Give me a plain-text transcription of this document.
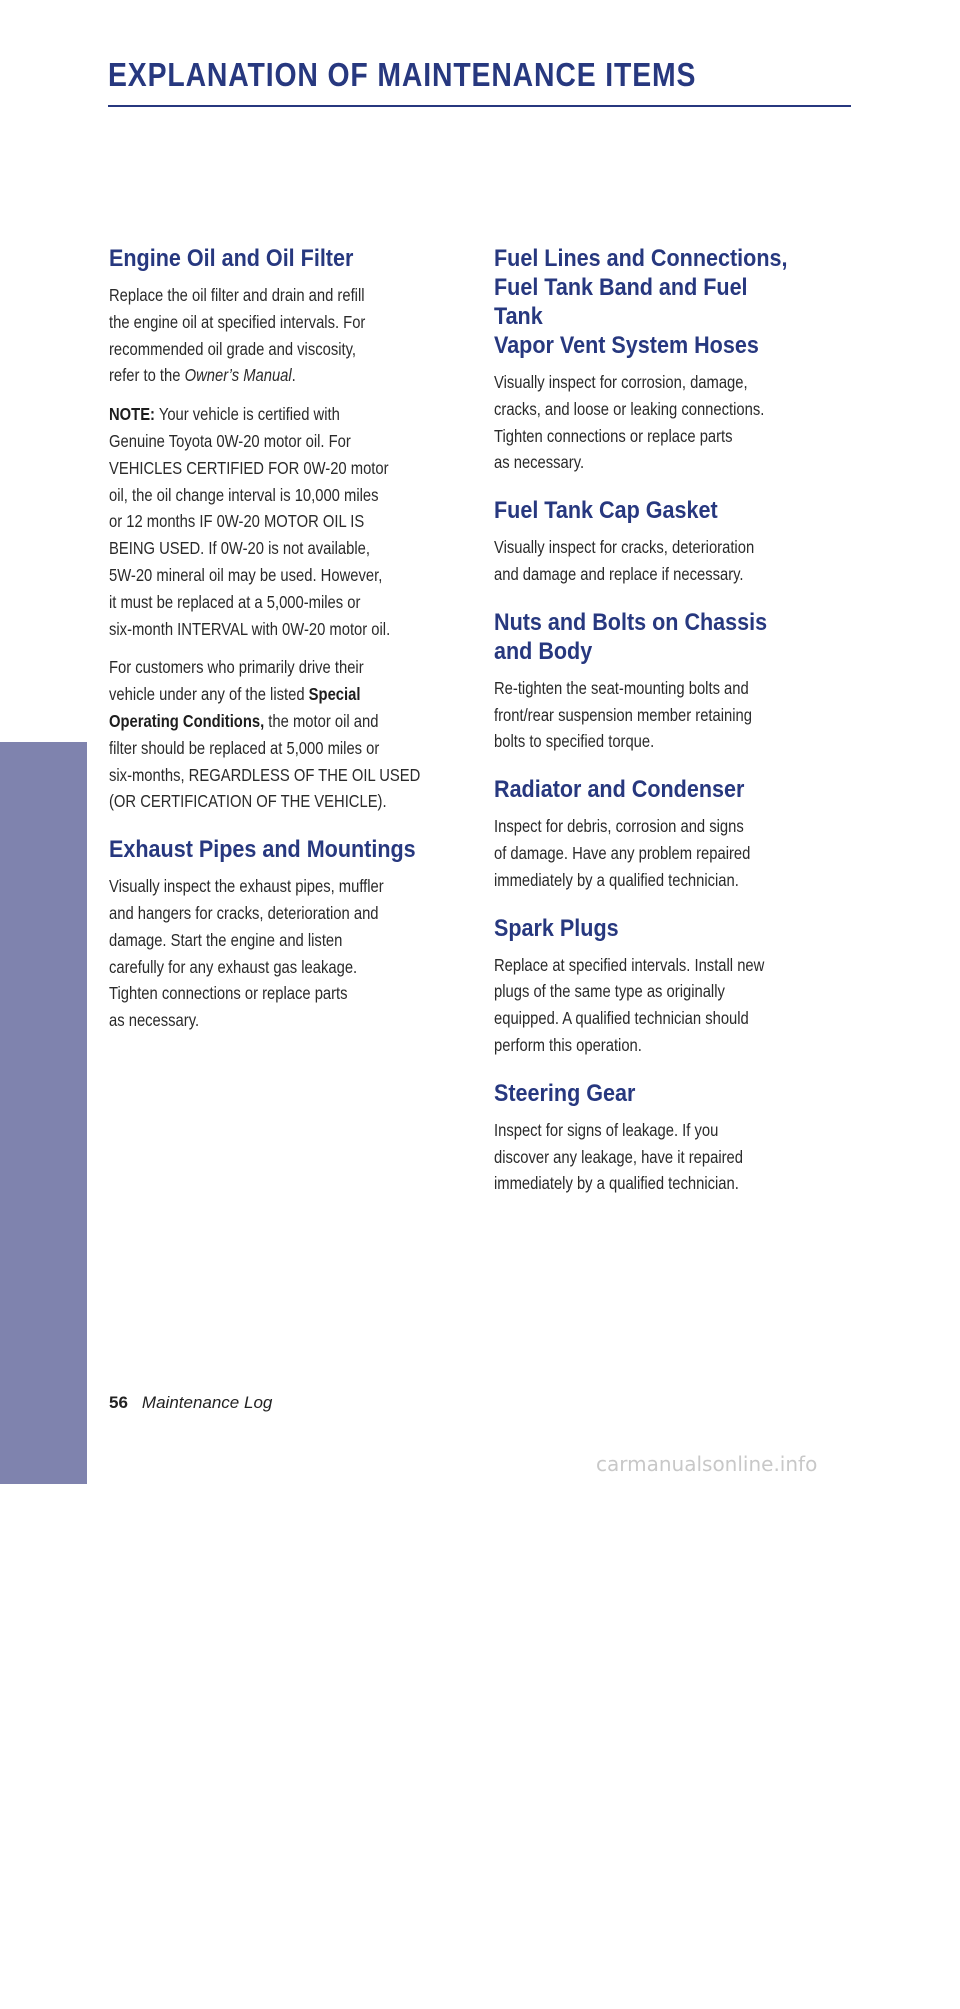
EXPLANATION OF MAINTENANCE ITEMS
MAINTENANCE
Engine Oil and Oil Filter

Replace the oil filter and drain and refill
the engine oil at specified intervals. For
recommended oil grade and viscosity,
refer to the Owner’s Manual.

NOTE: Your vehicle is certified with
Genuine Toyota 0W-20 motor oil. For
VEHICLES CERTIFIED FOR 0W-20 motor
oil, the oil change interval is 10,000 miles
or 12 months IF 0W-20 MOTOR OIL IS
BEING USED. If 0W-20 is not available,
5W-20 mineral oil may be used. However,
it must be replaced at a 5,000-miles or
six-month INTERVAL with 0W-20 motor oil.

For customers who primarily drive their
vehicle under any of the listed Special
Operating Conditions, the motor oil and
filter should be replaced at 5,000 miles or
six-months, REGARDLESS OF THE OIL USED
(OR CERTIFICATION OF THE VEHICLE).

Exhaust Pipes and Mountings

Visually inspect the exhaust pipes, muffler
and hangers for cracks, deterioration and
damage. Start the engine and listen
carefully for any exhaust gas leakage.
Tighten connections or replace parts
as necessary.

Fuel Lines and Connections,
Fuel Tank Band and Fuel Tank
Vapor Vent System Hoses

Visually inspect for corrosion, damage,
cracks, and loose or leaking connections.
Tighten connections or replace parts
as necessary.

Fuel Tank Cap Gasket

Visually inspect for cracks, deterioration
and damage and replace if necessary.

Nuts and Bolts on Chassis
and Body

Re-tighten the seat-mounting bolts and
front/rear suspension member retaining
bolts to specified torque.

Radiator and Condenser

Inspect for debris, corrosion and signs
of damage. Have any problem repaired
immediately by a qualified technician.

Spark Plugs

Replace at specified intervals. Install new
plugs of the same type as originally
equipped. A qualified technician should
perform this operation.

Steering Gear

Inspect for signs of leakage. If you
discover any leakage, have it repaired
immediately by a qualified technician.

56 Maintenance Log
carmanualsonline.info
